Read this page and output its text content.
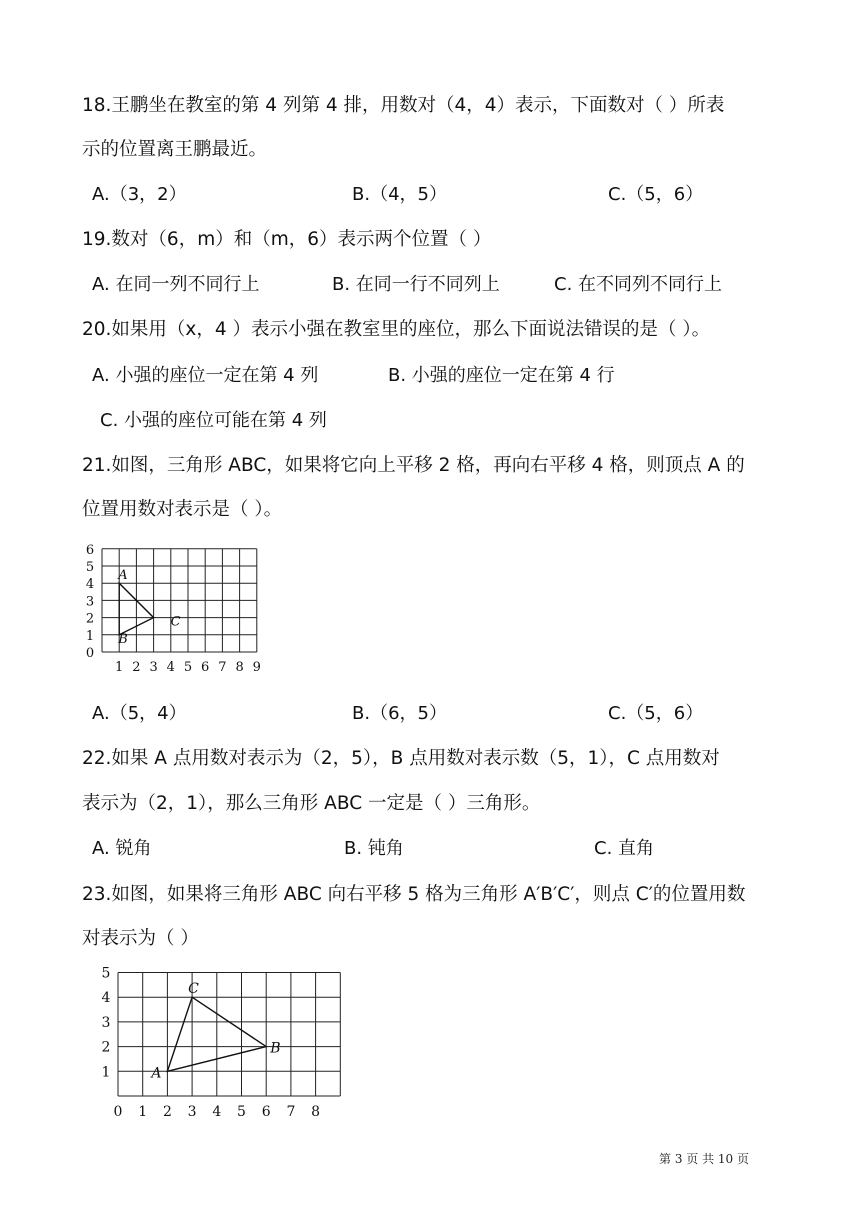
18.王鹏坐在教室的第 4 列第 4 排，用数对（4，4）表示，下面数对（ ）所表
示的位置离王鹏最近。
A.（3，2）	B.（4，5）	C.（5，6）
19.数对（6，m）和（m，6）表示两个位置（ ）
A. 在同一列不同行上	B. 在同一行不同列上	C. 在不同列不同行上
20.如果用（x，4 ）表示小强在教室里的座位，那么下面说法错误的是（ ）。
A. 小强的座位一定在第 4 列	B. 小强的座位一定在第 4 行
C. 小强的座位可能在第 4 列
21.如图，三角形 ABC，如果将它向上平移 2 格，再向右平移 4 格，则顶点 A 的
位置用数对表示是（ ）。
0
1
2
3
4
5
6
1 2 3 4 5 6 7 8 9
A
B
C
A.（5，4）	B.（6，5）	C.（5，6）
22.如果 A 点用数对表示为（2，5），B 点用数对表示数（5，1），C 点用数对
表示为（2，1），那么三角形 ABC 一定是（ ）三角形。
A. 锐角	B. 钝角	C. 直角
23.如图，如果将三角形 ABC 向右平移 5 格为三角形 A′B′C′，则点 C′的位置用数
对表示为（ ）
1
2
3
4
5
0 1 2 3 4 5 6 7 8
A
B
C
第 3 页 共 10 页
